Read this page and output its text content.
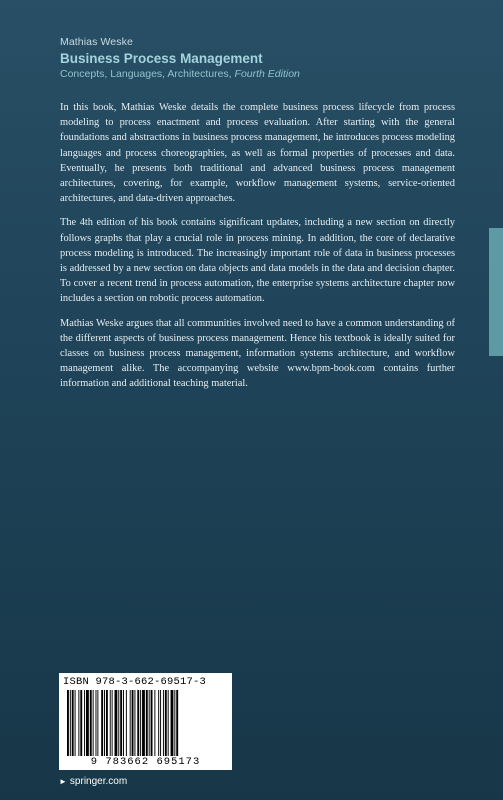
Mathias Weske
Business Process Management
Concepts, Languages, Architectures, Fourth Edition

In this book, Mathias Weske details the complete business process lifecycle from process modeling to process enactment and process evaluation. After starting with the general foundations and abstractions in business process management, he introduces process modeling languages and process choreographies, as well as formal properties of processes and data. Eventually, he presents both traditional and advanced business process management architectures, covering, for example, workflow management systems, service-oriented architectures, and data-driven approaches.

The 4th edition of his book contains significant updates, including a new section on directly follows graphs that play a crucial role in process mining. In addition, the core of declarative process modeling is introduced. The increasingly important role of data in business processes is addressed by a new section on data objects and data models in the data and decision chapter. To cover a recent trend in process automation, the enterprise systems architecture chapter now includes a section on robotic process automation.

Mathias Weske argues that all communities involved need to have a common understanding of the different aspects of business process management. Hence his textbook is ideally suited for classes on business process management, information systems architecture, and workflow management alike. The accompanying website www.bpm-book.com contains further information and additional teaching material.

ISBN 978-3-662-69517-3
9 783662 695173
► springer.com
